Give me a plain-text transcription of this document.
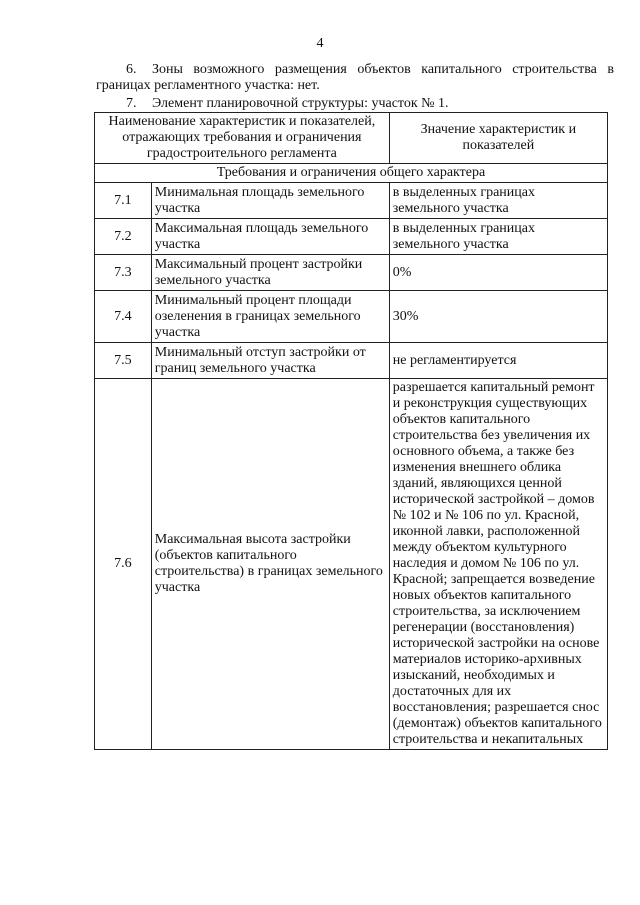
4
6. Зоны возможного размещения объектов капитального строительства в границах регламентного участка: нет.
7. Элемент планировочной структуры: участок № 1.
Наименование характеристик и показателей, отражающих требования и ограничения градостроительного регламента		Значение характеристик и показателей
Требования и ограничения общего характера		
7.1	Минимальная площадь земельного участка	в выделенных границах земельного участка
7.2	Максимальная площадь земельного участка	в выделенных границах земельного участка
7.3	Максимальный процент застройки земельного участка	0%
7.4	Минимальный процент площади озеленения в границах земельного участка	30%
7.5	Минимальный отступ застройки от границ земельного участка	не регламентируется
7.6	Максимальная высота застройки (объектов капитального строительства) в границах земельного участка	разрешается капитальный ремонт и реконструкция существующих объектов капитального строительства без увеличения их основного объема, а также без изменения внешнего облика зданий, являющихся ценной исторической застройкой – домов № 102 и № 106 по ул. Красной, иконной лавки, расположенной между объектом культурного наследия и домом № 106 по ул. Красной; запрещается возведение новых объектов капитального строительства, за исключением регенерации (восстановления) исторической застройки на основе материалов историко-архивных изысканий, необходимых и достаточных для их восстановления; разрешается снос (демонтаж) объектов капитального строительства и некапитальных
